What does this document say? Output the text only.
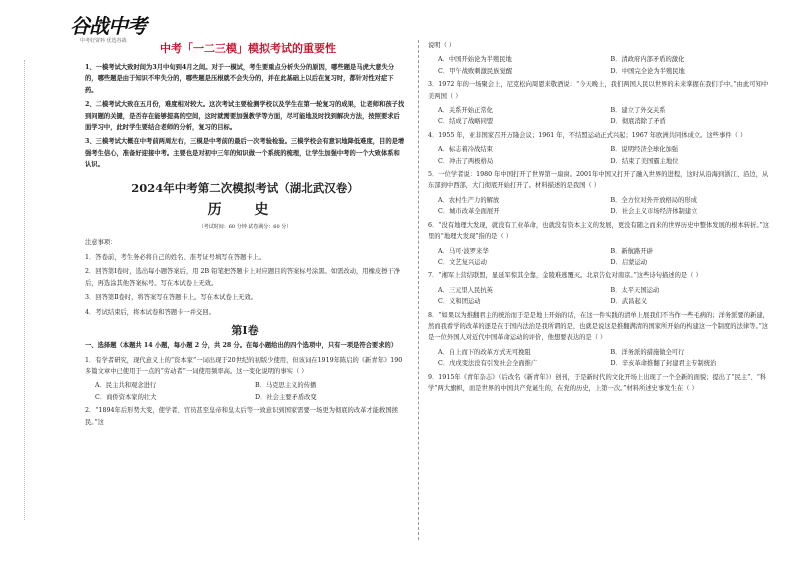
谷战中考
中考好资料 优选谷战
中考「一二三模」模拟考试的重要性

1、一模考试大致时间为3月中旬到4月之间。对于一模试，考生要重点分析失分的原因，哪些题是马虎大意失分的，哪些题是由于知识不牢失分的，哪些题是压根就不会失分的，并在此基础上以后在复习时，都针对性对症下药。

2、二模考试大致在五月份，难度相对较大。这次考试主要检测学校以及学生在第一轮复习的成果，让老师和孩子找到问题的关键，是否存在能够提高的空间，这时就需要加强教学等方面，尽可能地及时找到解决方法，按照要求后面学习中，此时学生要结合老师的分析，复习的目标。

3、三模考试大概在中考前两周左右，三模是中考前的最后一次考验检验。三模学校会有意识地降低难度，目的是增强考生信心，准备好迎接中考。主要也是对初中三年的知识做一个系统的梳理，让学生加强中考的一个大致体系和认识。

2024年中考第二次模拟考试（湖北武汉卷）
历 史
（考试时间：60 分钟 试卷满分：60 分）

注意事项：

1．答卷前，考生务必将自己的姓名、准考证号填写在答题卡上。

2．回答第Ⅰ卷时，选出每小题答案后，用 2B 铅笔把答题卡上对应题目的答案标号涂黑。如需改动，用橡皮擦干净后，再选涂其他答案标号。写在本试卷上无效。

3．回答第Ⅱ卷时，将答案写在答题卡上。写在本试卷上无效。

4．考试结束后，将本试卷和答题卡一并交回。

第Ⅰ卷

一、选择题（本题共 14 小题，每小题 2 分，共 28 分。在每小题给出的四个选项中，只有一项是符合要求的）

1．有学者研究，现代意义上的“资本家”一词出现于20世纪的初版少使用，但该词在1919年陈启的《新青年》190 多篇文章中已使用于一点的“劳动者”一词使用频率高。这一变化说明的事实（ ）

A．民主共和观念进行	B．马克思主义的传播
C．商侨资本家的壮大	D．社会主要矛盾改变

2．“1894年后形势大变，使学者、官员甚至皇帝和皇太后等一致意识到国家需要一场更为彻底的改革才能救国拯民。”这

说明（ ）

A．中国开始论为半殖民地	B．清政府内部矛盾的激化
C．甲午战败刺激民族觉醒	D．中国完全论为半殖民地

3．1972 年的一场聚会上，尼克松向周恩来敬酒说：“今天晚上，我们两国人民以世界的未来掌握在我们手中。”由此可知中美两国（ ）

A．关系开始正常化	B．建立了外交关系
C．结成了战略同盟	D．彻底消除了矛盾

4．1955 年，亚非国家召开万隆会议；1961 年，不结盟运动正式兴起；1967 年欧洲共同体成立。这些事件（ ）

A．标志着冷战结束	B．说明经济全球化加强
C．冲击了两极格局	D．结束了美国霸主地位

5．一位学者说：1980 年中国打开了世界第一扇窗。2001年中国又打开了融入世界的进程，这时从沿海到浙江、沿边，从东部到中西部，大门彻底开始打开了。材料描述的是我国（ ）

A．农村生产力的解放	B．全方位对外开放格局的形成
C．城市改革全面展开	D．社会主义市场经济体制建立

6．“没有地理大发现，就没有工业革命，也就没有资本主义的发展，更没有随之而来的世界历史中整体发展的根本转折。”这里的“地理大发现”指的是（ ）

A．马可·波罗来华	B．新航路开辟
C．文艺复兴运动	D．启蒙运动

7．“湘军上营结联盟，显延军惊其全靠，金陵难逃覆灭。北京告危对南京。”这些诗句描述的是（ ）

A．三元里人民抗英	B．太平天国运动
C．义和团运动	D．武昌起义

8．“如果以为推翻君主的统治而于是是地上开始的话，在这一件实践的清单上展我们不当作一些毛病的；洋务派要的新建，然而我看学的改革的逐是在于国内法治是我所谓的是，也就是说这是推翻满清的国家所开始的构建这一个制度的法律等。”这是一位外国人对近代中国革命运动的评价，他想要表达的是（ ）

A．自上而下的改革方式无可挽阻	B．洋务派的措施做全可行
C．戊戌变法没有引发社会全面推广	D．辛亥革命推翻了封建君主专制统治

9．1915年《青年杂志》（后改名《新青年》）创刊，于是新时代的文化开场上出现了一个全新的面貌；提出了“民主”、“科学”两大旗帜，而是世界的中国共产党诞生的，在党的历史，上第一次。”材料所述史事发生在（ ）
